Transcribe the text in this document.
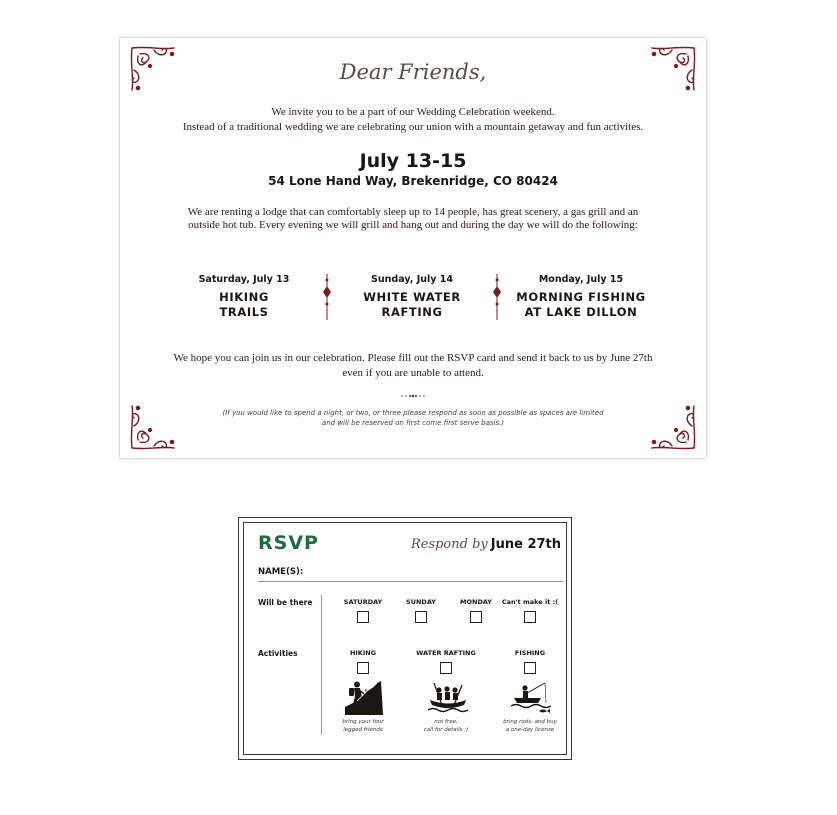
Dear Friends,
We invite you to be a part of our Wedding Celebration weekend.
Instead of a traditional wedding we are celebrating our union with a mountain getaway and fun activites.
July 13-15
54 Lone Hand Way, Brekenridge, CO 80424
We are renting a lodge that can comfortably sleep up to 14 people, has great scenery, a gas grill and an
outside hot tub. Every evening we will grill and hang out and during the day we will do the following:
Saturday, July 13
HIKING
TRAILS
Sunday, July 14
WHITE WATER
RAFTING
Monday, July 15
MORNING FISHING
AT LAKE DILLON
We hope you can join us in our celebration. Please fill out the RSVP card and send it back to us by June 27th
even if you are unable to attend.
(If you would like to spend a night, or two, or three please respond as soon as possible as spaces are limited
and will be reserved on first come first serve basis.)
RSVP	Respond by June 27th
NAME(S):
Will be there	SATURDAY	SUNDAY	MONDAY	Can't make it :(
Activities	HIKING	WATER RAFTING	FISHING
bring your four
legged friends
not free,
call for details :)
bring rods, and buy
a one-day license
